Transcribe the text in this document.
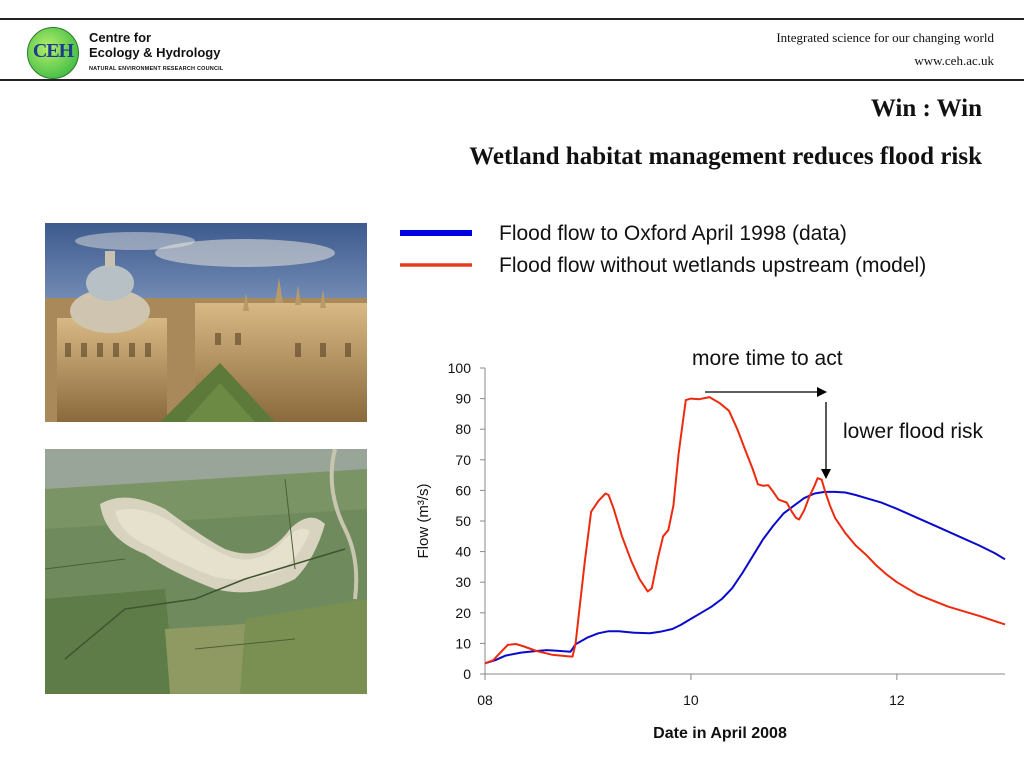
CEH
Centre for
Ecology & Hydrology
NATURAL ENVIRONMENT RESEARCH COUNCIL
Integrated science for our changing world
www.ceh.ac.uk
Win : Win
Wetland habitat management reduces flood risk
Flood flow to Oxford April 1998 (data)
Flood flow without wetlands upstream (model)
0
10
20
30
40
50
60
70
80
90
100
08	10	12
Date in April 2008
Flow (m³/s)
more time to act
lower flood risk
